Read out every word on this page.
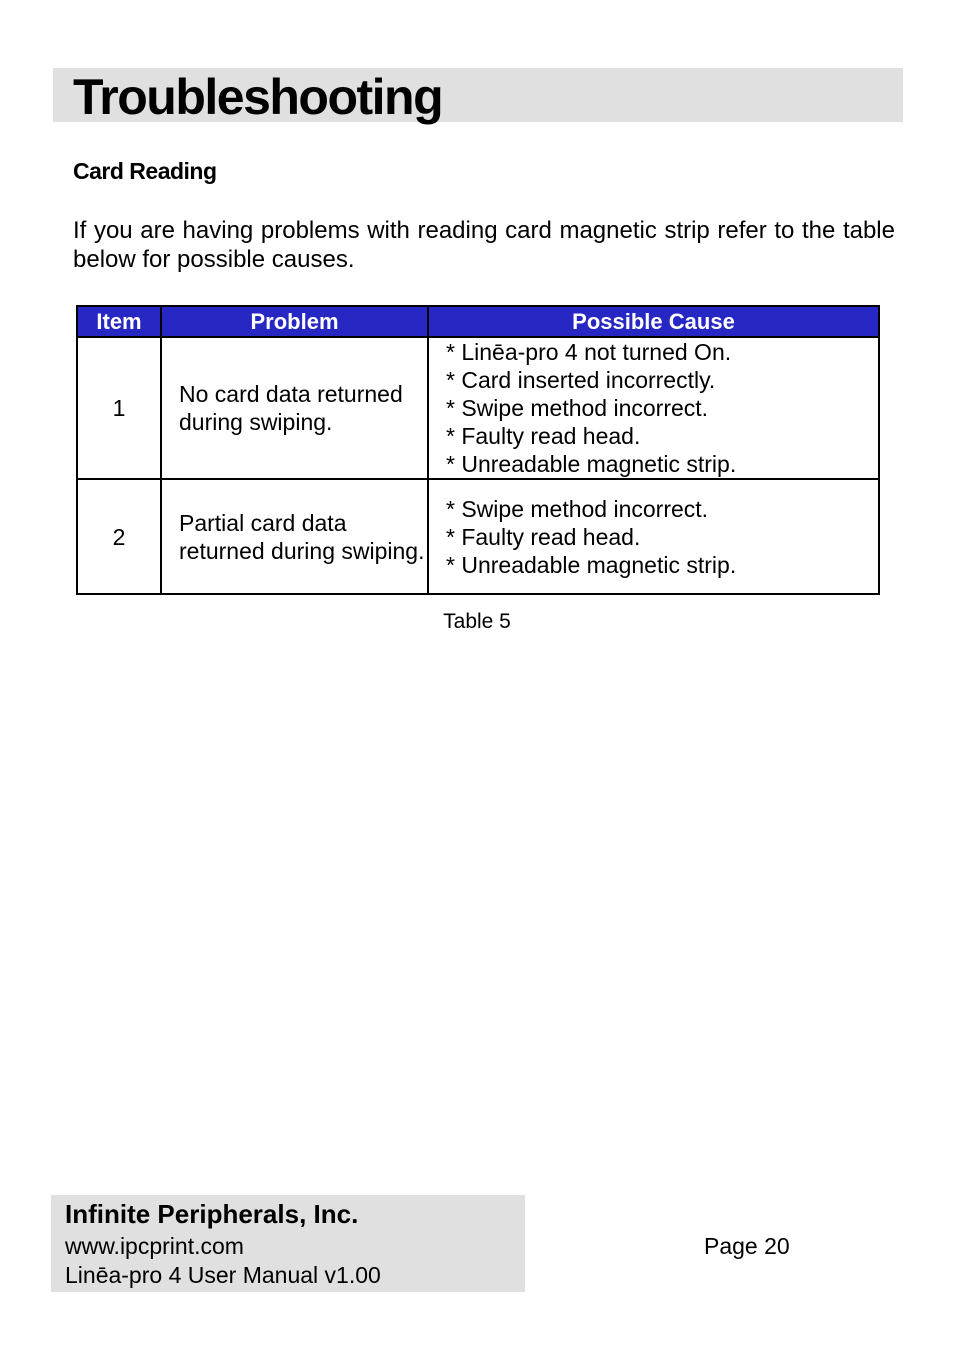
Troubleshooting
Card Reading
If you are having problems with reading card magnetic strip refer to the table below for possible causes.
Item	Problem	Possible Cause
1	No card data returned during swiping.	* Linēa-pro 4 not turned On.
* Card inserted incorrectly.
* Swipe method incorrect.
* Faulty read head.
* Unreadable magnetic strip.

2	Partial card data returned during swiping.	* Swipe method incorrect.
* Faulty read head.
* Unreadable magnetic strip.
Table 5
Infinite Peripherals, Inc.
www.ipcprint.com
Linēa-pro 4 User Manual v1.00
Page 20
